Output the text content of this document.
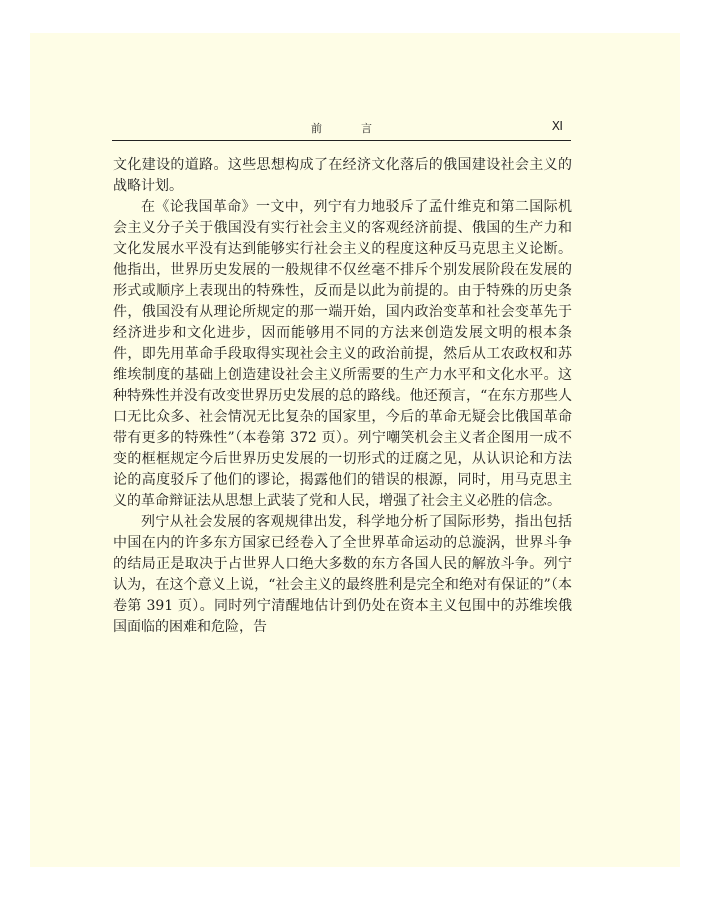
前　言	Ⅺ

文化建设的道路。这些思想构成了在经济文化落后的俄国建设社会主义的战略计划。

在《论我国革命》一文中，列宁有力地驳斥了孟什维克和第二国际机会主义分子关于俄国没有实行社会主义的客观经济前提、俄国的生产力和文化发展水平没有达到能够实行社会主义的程度这种反马克思主义论断。他指出，世界历史发展的一般规律不仅丝毫不排斥个别发展阶段在发展的形式或顺序上表现出的特殊性，反而是以此为前提的。由于特殊的历史条件，俄国没有从理论所规定的那一端开始，国内政治变革和社会变革先于经济进步和文化进步，因而能够用不同的方法来创造发展文明的根本条件，即先用革命手段取得实现社会主义的政治前提，然后从工农政权和苏维埃制度的基础上创造建设社会主义所需要的生产力水平和文化水平。这种特殊性并没有改变世界历史发展的总的路线。他还预言，“在东方那些人口无比众多、社会情况无比复杂的国家里，今后的革命无疑会比俄国革命带有更多的特殊性”（本卷第 372 页）。列宁嘲笑机会主义者企图用一成不变的框框规定今后世界历史发展的一切形式的迂腐之见，从认识论和方法论的高度驳斥了他们的谬论，揭露他们的错误的根源，同时，用马克思主义的革命辩证法从思想上武装了党和人民，增强了社会主义必胜的信念。

列宁从社会发展的客观规律出发，科学地分析了国际形势，指出包括中国在内的许多东方国家已经卷入了全世界革命运动的总漩涡，世界斗争的结局正是取决于占世界人口绝大多数的东方各国人民的解放斗争。列宁认为，在这个意义上说，“社会主义的最终胜利是完全和绝对有保证的”（本卷第 391 页）。同时列宁清醒地估计到仍处在资本主义包围中的苏维埃俄国面临的困难和危险，告
